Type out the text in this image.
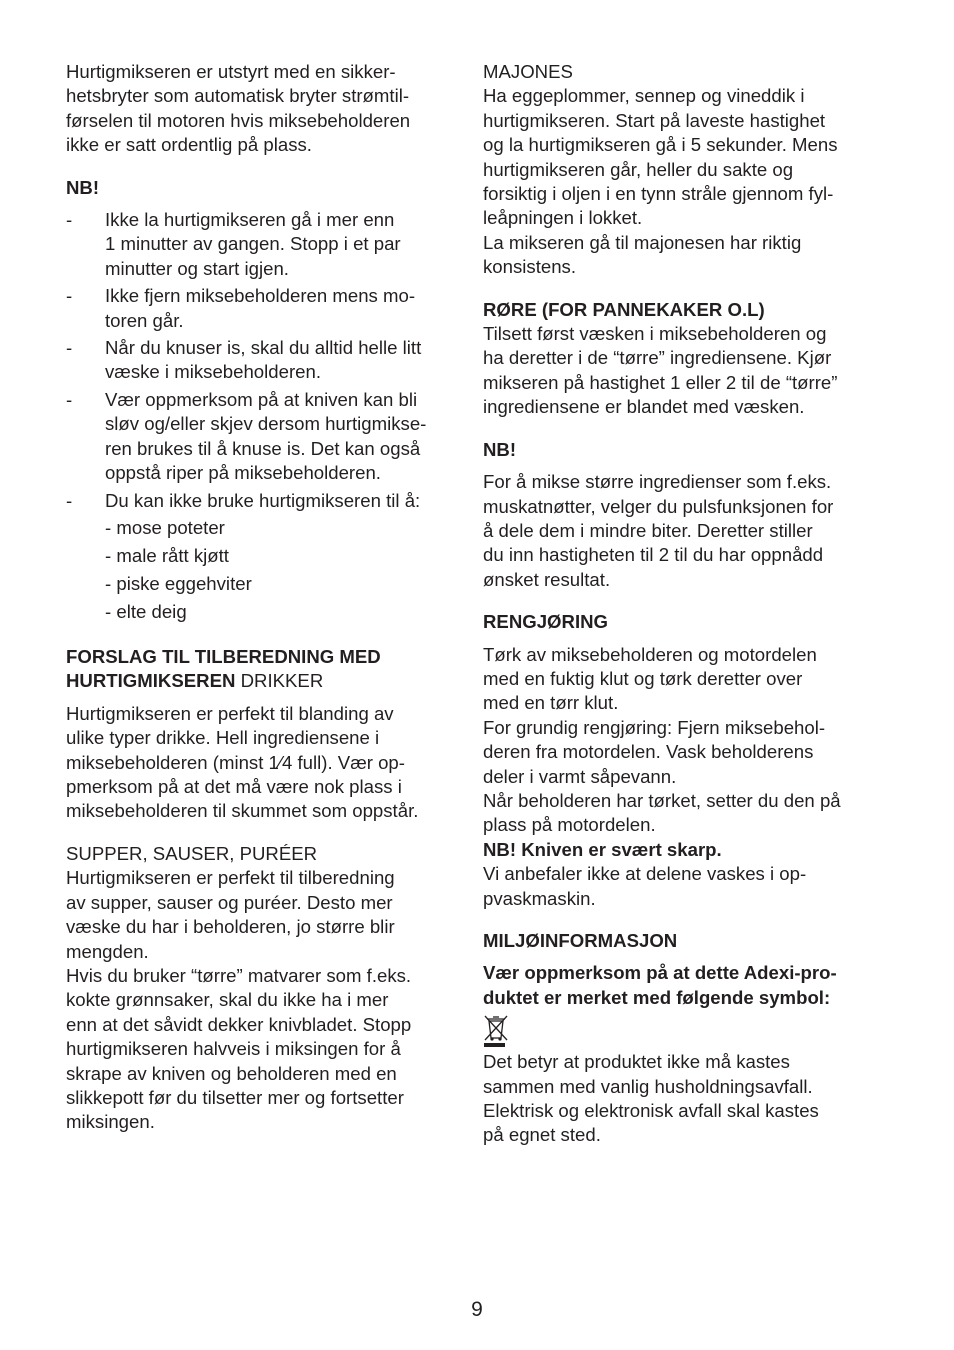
Hurtigmikseren er utstyrt med en sikker-
hetsbryter som automatisk bryter strømtil-
førselen til motoren hvis miksebeholderen
ikke er satt ordentlig på plass.
NB!
-	Ikke la hurtigmikseren gå i mer enn
1 minutter av gangen. Stopp i et par
minutter og start igjen.
-	Ikke fjern miksebeholderen mens mo-
toren går.
-	Når du knuser is, skal du alltid helle litt
væske i miksebeholderen.
-	Vær oppmerksom på at kniven kan bli
sløv og/eller skjev dersom hurtigmikse-
ren brukes til å knuse is. Det kan også
oppstå riper på miksebeholderen.
-	Du kan ikke bruke hurtigmikseren til å:
- mose poteter
- male rått kjøtt
- piske eggehviter
- elte deig
FORSLAG TIL TILBEREDNING MED
HURTIGMIKSEREN DRIKKER
Hurtigmikseren er perfekt til blanding av
ulike typer drikke. Hell ingrediensene i
miksebeholderen (minst 1⁄4 full). Vær op-
pmerksom på at det må være nok plass i
miksebeholderen til skummet som oppstår.
SUPPER, SAUSER, PURÉER
Hurtigmikseren er perfekt til tilberedning
av supper, sauser og puréer. Desto mer
væske du har i beholderen, jo større blir
mengden.
Hvis du bruker “tørre” matvarer som f.eks.
kokte grønnsaker, skal du ikke ha i mer
enn at det såvidt dekker knivbladet. Stopp
hurtigmikseren halvveis i miksingen for å
skrape av kniven og beholderen med en
slikkepott før du tilsetter mer og fortsetter
miksingen.
MAJONES
Ha eggeplommer, sennep og vineddik i
hurtigmikseren. Start på laveste hastighet
og la hurtigmikseren gå i 5 sekunder. Mens
hurtigmikseren går, heller du sakte og
forsiktig i oljen i en tynn stråle gjennom fyl-
leåpningen i lokket.
La mikseren gå til majonesen har riktig
konsistens.
RØRE (FOR PANNEKAKER O.L)
Tilsett først væsken i miksebeholderen og
ha deretter i de “tørre” ingrediensene. Kjør
mikseren på hastighet 1 eller 2 til de “tørre”
ingrediensene er blandet med væsken.
NB!
For å mikse større ingredienser som f.eks.
muskatnøtter, velger du pulsfunksjonen for
å dele dem i mindre biter. Deretter stiller
du inn hastigheten til 2 til du har oppnådd
ønsket resultat.
RENGJØRING
Tørk av miksebeholderen og motordelen
med en fuktig klut og tørk deretter over
med en tørr klut.
For grundig rengjøring: Fjern miksebehol-
deren fra motordelen. Vask beholderens
deler i varmt såpevann.
Når beholderen har tørket, setter du den på
plass på motordelen.
NB! Kniven er svært skarp.
Vi anbefaler ikke at delene vaskes i op-
pvaskmaskin.
MILJØINFORMASJON
Vær oppmerksom på at dette Adexi-pro-
duktet er merket med følgende symbol:
Det betyr at produktet ikke må kastes
sammen med vanlig husholdningsavfall.
Elektrisk og elektronisk avfall skal kastes
på egnet sted.
9
